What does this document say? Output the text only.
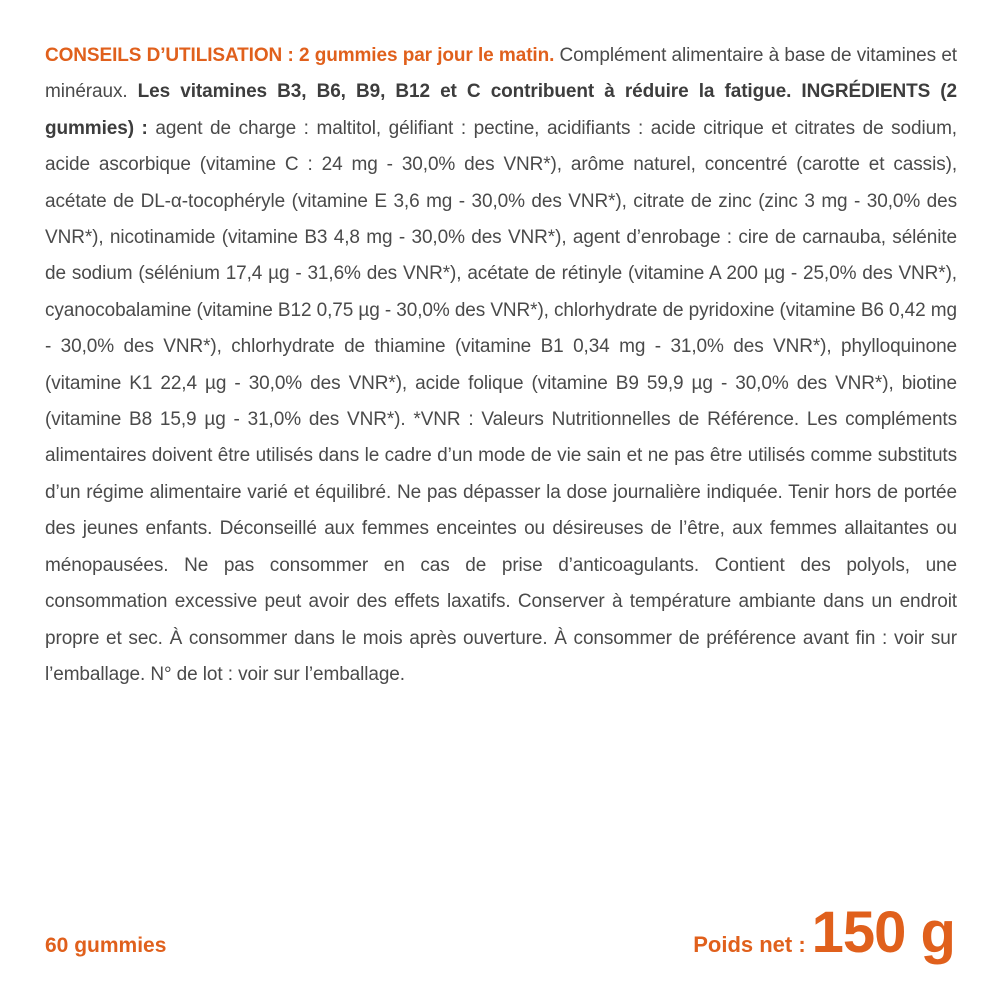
CONSEILS D’UTILISATION : 2 gummies par jour le matin. Complément alimentaire à base de vitamines et minéraux. Les vitamines B3, B6, B9, B12 et C contribuent à réduire la fatigue. INGRÉDIENTS (2 gummies) : agent de charge : maltitol, gélifiant : pectine, acidifiants : acide citrique et citrates de sodium, acide ascorbique (vitamine C : 24 mg - 30,0% des VNR*), arôme naturel, concentré (carotte et cassis), acétate de DL-α-tocophéryle (vitamine E 3,6 mg - 30,0% des VNR*), citrate de zinc (zinc 3 mg - 30,0% des VNR*), nicotinamide (vitamine B3 4,8 mg - 30,0% des VNR*), agent d’enrobage : cire de carnauba, sélénite de sodium (sélénium 17,4 µg - 31,6% des VNR*), acétate de rétinyle (vitamine A 200 µg - 25,0% des VNR*), cyanocobalamine (vitamine B12 0,75 µg - 30,0% des VNR*), chlorhydrate de pyridoxine (vitamine B6 0,42 mg - 30,0% des VNR*), chlorhydrate de thiamine (vitamine B1 0,34 mg - 31,0% des VNR*), phylloquinone (vitamine K1 22,4 µg - 30,0% des VNR*), acide folique (vitamine B9 59,9 µg - 30,0% des VNR*), biotine (vitamine B8 15,9 µg - 31,0% des VNR*). *VNR : Valeurs Nutritionnelles de Référence. Les compléments alimentaires doivent être utilisés dans le cadre d’un mode de vie sain et ne pas être utilisés comme substituts d’un régime alimentaire varié et équilibré. Ne pas dépasser la dose journalière indiquée. Tenir hors de portée des jeunes enfants. Déconseillé aux femmes enceintes ou désireuses de l’être, aux femmes allaitantes ou ménopausées. Ne pas consommer en cas de prise d’anticoagulants. Contient des polyols, une consommation excessive peut avoir des effets laxatifs. Conserver à température ambiante dans un endroit propre et sec. À consommer dans le mois après ouverture. À consommer de préférence avant fin : voir sur l’emballage. N° de lot : voir sur l’emballage.
60 gummies	Poids net : 150 g
